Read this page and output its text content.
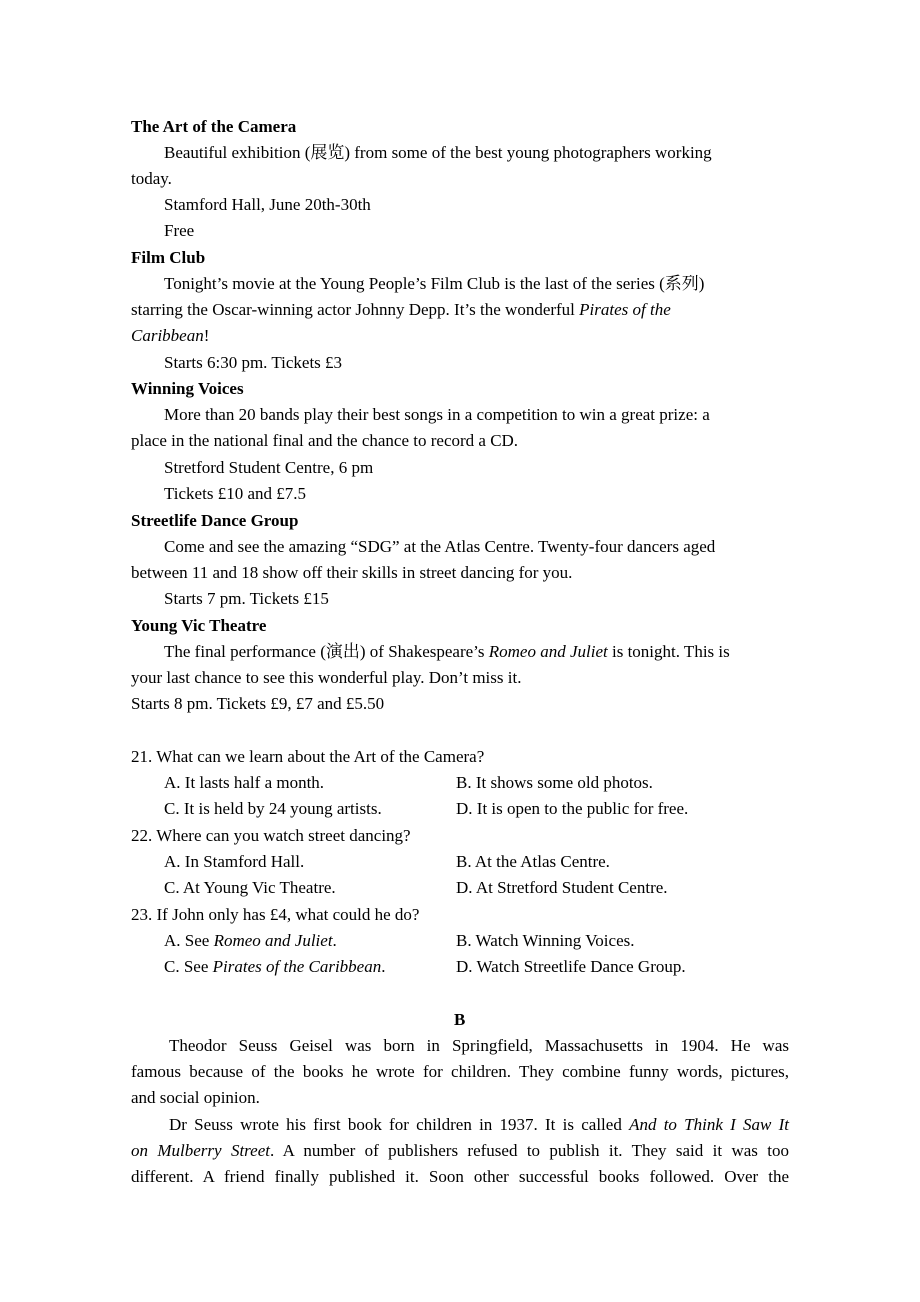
The Art of the Camera
Beautiful exhibition (展览) from some of the best young photographers working
today.
Stamford Hall, June 20th-30th
Free
Film Club
Tonight’s movie at the Young People’s Film Club is the last of the series (系列)
starring the Oscar-winning actor Johnny Depp. It’s the wonderful Pirates of the
Caribbean!
Starts 6:30 pm. Tickets £3
Winning Voices
More than 20 bands play their best songs in a competition to win a great prize: a
place in the national final and the chance to record a CD.
Stretford Student Centre, 6 pm
Tickets £10 and £7.5
Streetlife Dance Group
Come and see the amazing “SDG” at the Atlas Centre. Twenty-four dancers aged
between 11 and 18 show off their skills in street dancing for you.
Starts 7 pm. Tickets £15
Young Vic Theatre
The final performance (演出) of Shakespeare’s Romeo and Juliet is tonight. This is
your last chance to see this wonderful play. Don’t miss it.
Starts 8 pm. Tickets £9, £7 and £5.50
21. What can we learn about the Art of the Camera?
A. It lasts half a month.	B. It shows some old photos.
C. It is held by 24 young artists.	D. It is open to the public for free.
22. Where can you watch street dancing?
A. In Stamford Hall.	B. At the Atlas Centre.
C. At Young Vic Theatre.	D. At Stretford Student Centre.
23. If John only has £4, what could he do?
A. See Romeo and Juliet.	B. Watch Winning Voices.
C. See Pirates of the Caribbean.	D. Watch Streetlife Dance Group.
B
Theodor Seuss Geisel was born in Springfield, Massachusetts in 1904. He was
famous because of the books he wrote for children. They combine funny words, pictures,
and social opinion.
Dr Seuss wrote his first book for children in 1937. It is called And to Think I Saw It
on Mulberry Street. A number of publishers refused to publish it. They said it was too
different. A friend finally published it. Soon other successful books followed. Over the
